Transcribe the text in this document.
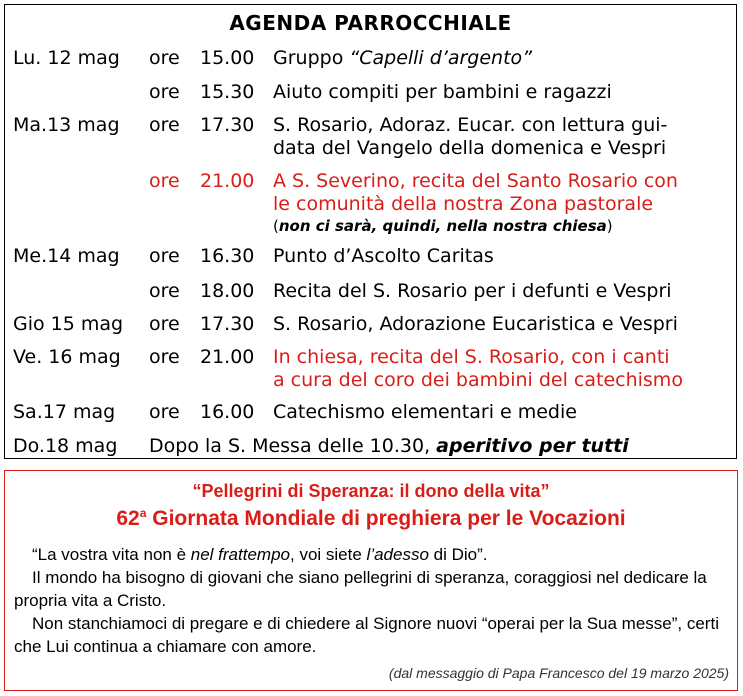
AGENDA PARROCCHIALE
Lu. 12 mag ore 15.00 Gruppo “Capelli d’argento”
ore 15.30 Aiuto compiti per bambini e ragazzi
Ma.13 mag ore 17.30 S. Rosario, Adoraz. Eucar. con lettura gui-
data del Vangelo della domenica e Vespri
ore 21.00 A S. Severino, recita del Santo Rosario con
le comunità della nostra Zona pastorale
(non ci sarà, quindi, nella nostra chiesa)
Me.14 mag ore 16.30 Punto d’Ascolto Caritas
ore 18.00 Recita del S. Rosario per i defunti e Vespri
Gio 15 mag ore 17.30 S. Rosario, Adorazione Eucaristica e Vespri
Ve. 16 mag ore 21.00 In chiesa, recita del S. Rosario, con i canti
a cura del coro dei bambini del catechismo
Sa.17 mag ore 16.00 Catechismo elementari e medie
Do.18 mag Dopo la S. Messa delle 10.30, aperitivo per tutti
“Pellegrini di Speranza: il dono della vita”
62$^a$ Giornata Mondiale di preghiera per le Vocazioni

“La vostra vita non è nel frattempo, voi siete l’adesso di Dio”.

Il mondo ha bisogno di giovani che siano pellegrini di speranza, coraggiosi nel dedicare la propria vita a Cristo.

Non stanchiamoci di pregare e di chiedere al Signore nuovi “operai per la Sua messe”, certi che Lui continua a chiamare con amore.

(dal messaggio di Papa Francesco del 19 marzo 2025)
